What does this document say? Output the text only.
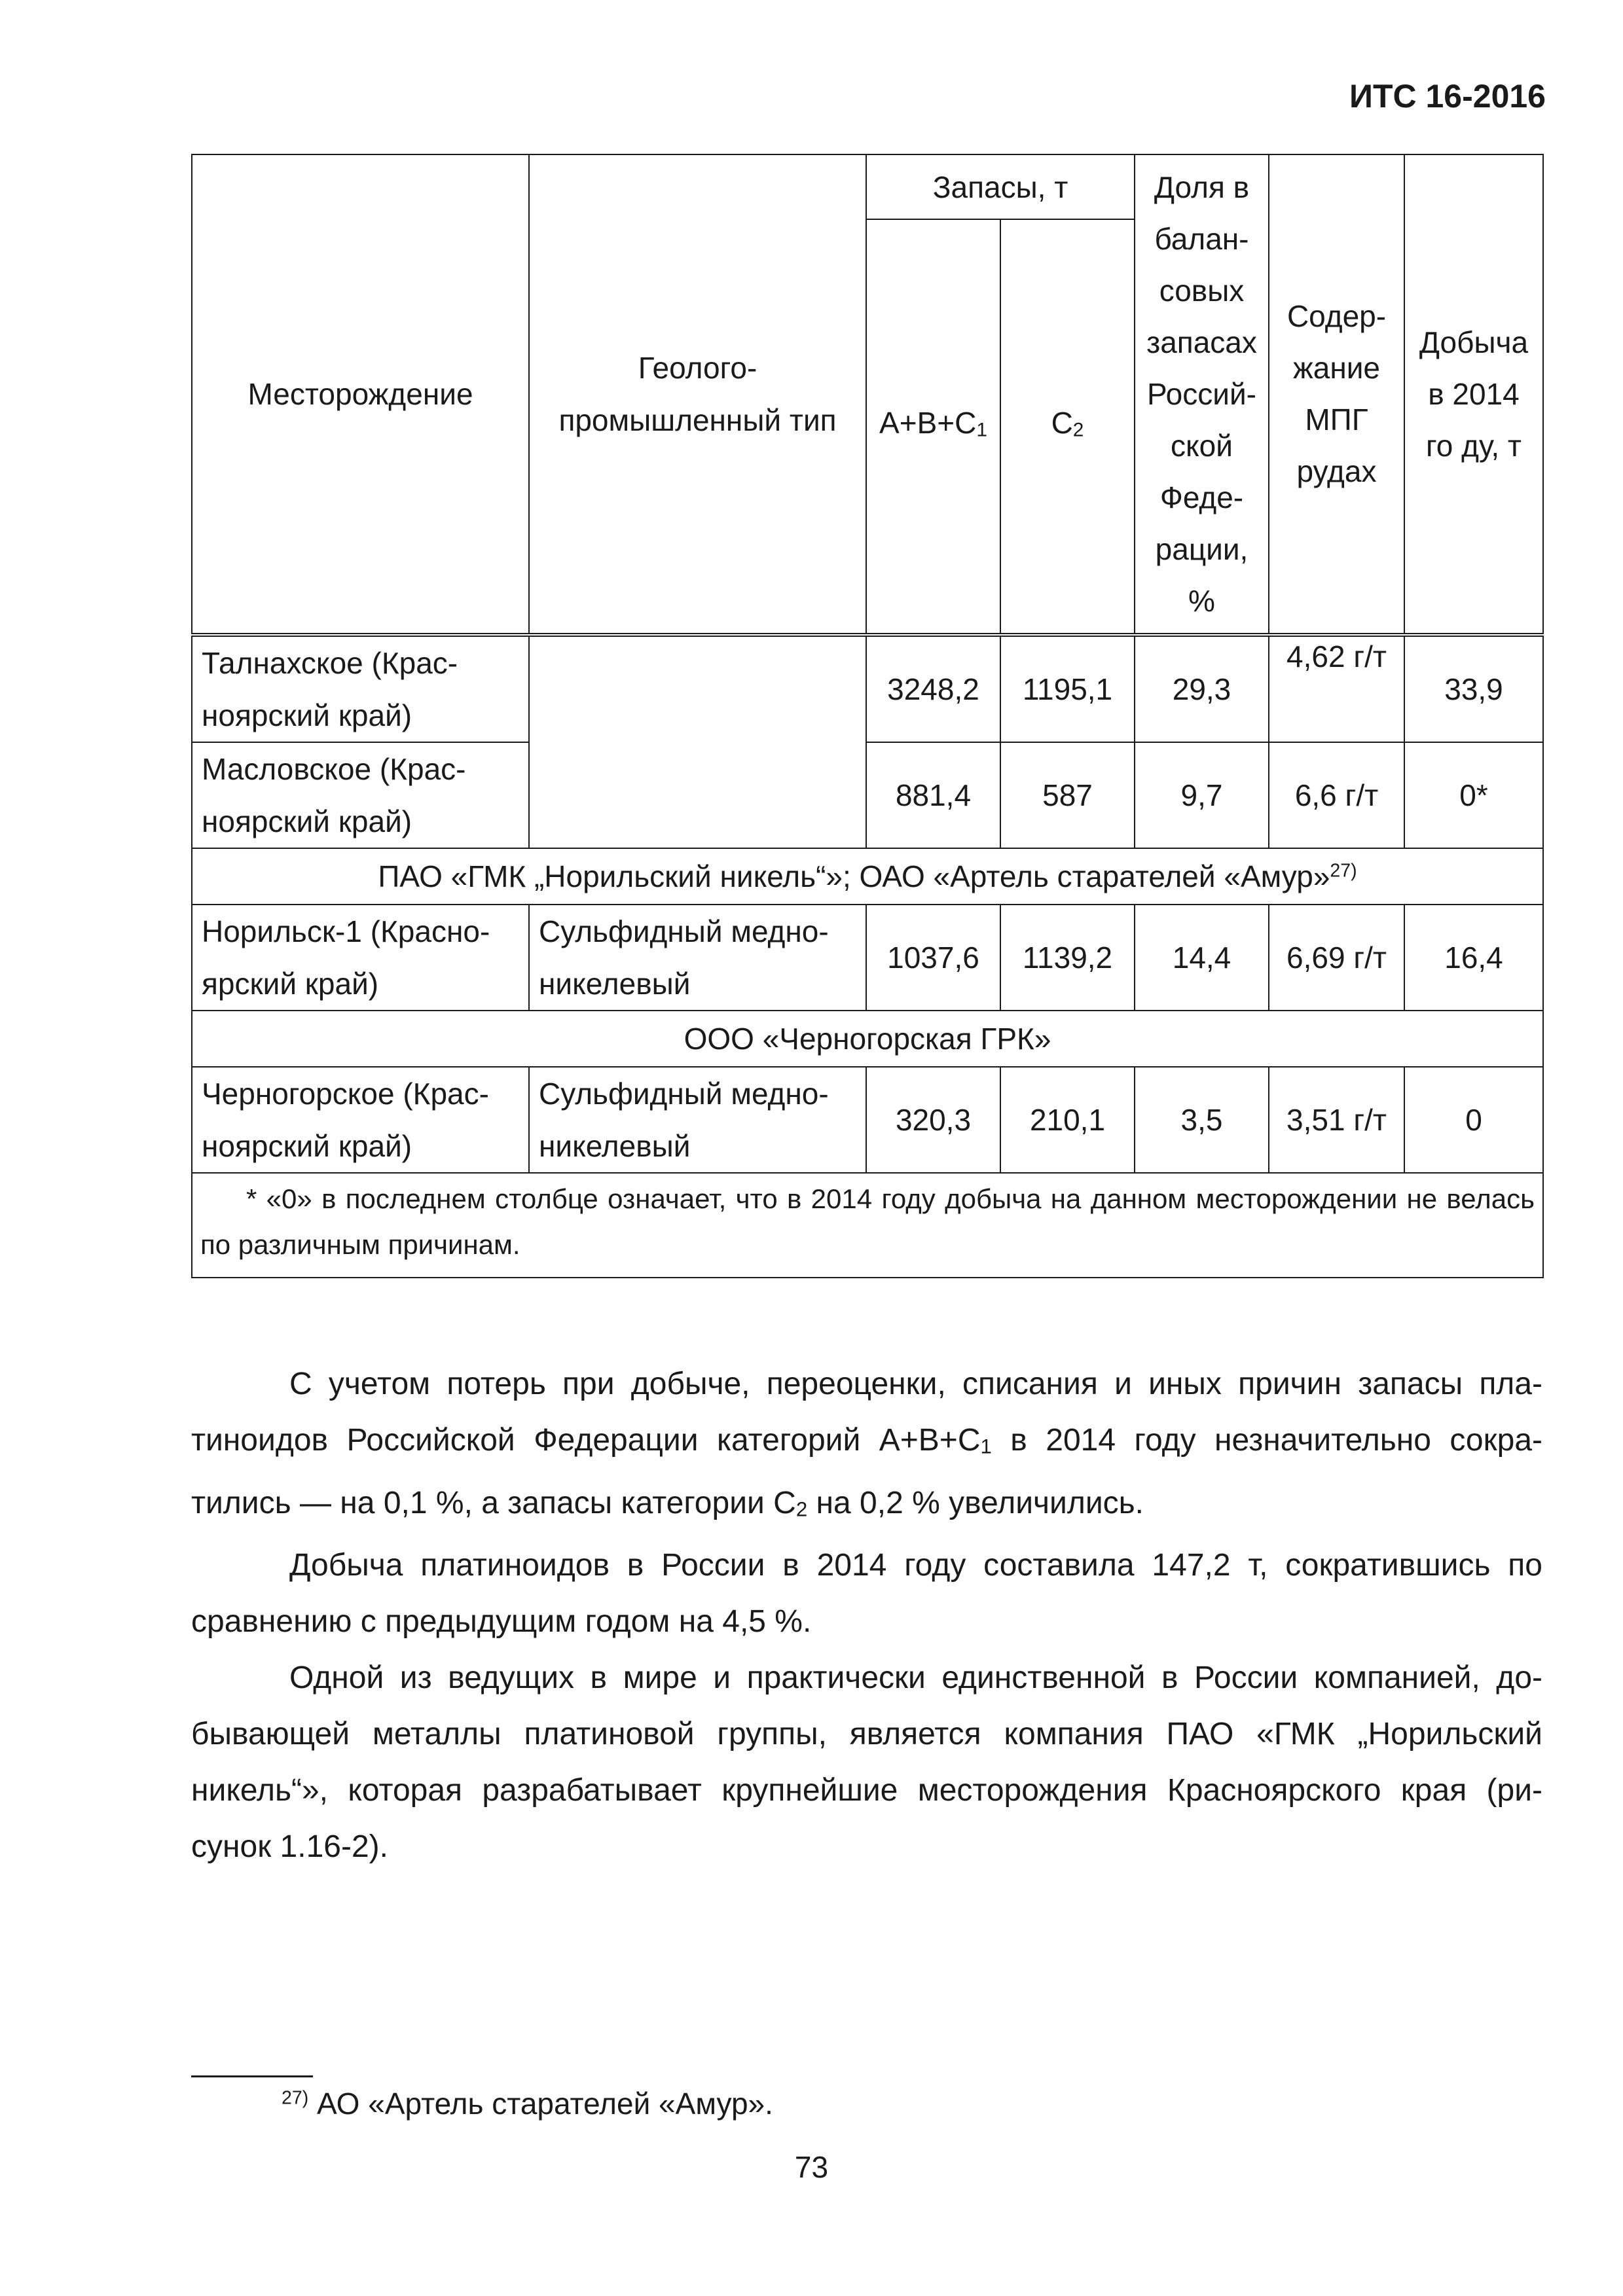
ИТС 16-2016
Месторождение	Геолого-промышленный тип	Запасы, т		Доля в балан-совых запасах Россий-ской Феде-рации, %	Содер-жание МПГ рудах	Добыча в 2014 го ду, т
		$A+B+C_1$	$C_2$
Талнахское (Крас-ноярский край)		3248,2	1195,1	29,3	4,62 г/т	33,9
Масловское (Крас-ноярский край)		881,4	587	9,7	6,6 г/т	0*
ПАО «ГМК „Норильский никель“»; ОАО «Артель старателей «Амур»$^{27)}$
Норильск-1 (Красно-ярский край)	Сульфидный медно-никелевый	1037,6	1139,2	14,4	6,69 г/т	16,4
ООО «Черногорская ГРК»						
Черногорское (Крас-ноярский край)	Сульфидный медно-никелевый	320,3	210,1	3,5	3,51 г/т	0
* «0» в последнем столбце означает, что в 2014 году добыча на данном месторождении не велась по различным причинам.						

С учетом потерь при добыче, переоценки, списания и иных причин запасы пла-тиноидов Российской Федерации категорий $A+B+C_1$ в 2014 году незначительно сокра-тились — на 0,1 %, а запасы категории $C_2$ на 0,2 % увеличились.

Добыча платиноидов в России в 2014 году составила 147,2 т, сократившись по сравнению с предыдущим годом на 4,5 %.

Одной из ведущих в мире и практически единственной в России компанией, до-бывающей металлы платиновой группы, является компания ПАО «ГМК „Норильский никель“», которая разрабатывает крупнейшие месторождения Красноярского края (ри-сунок 1.16-2).

$^{27)}$ АО «Артель старателей «Амур».
73
